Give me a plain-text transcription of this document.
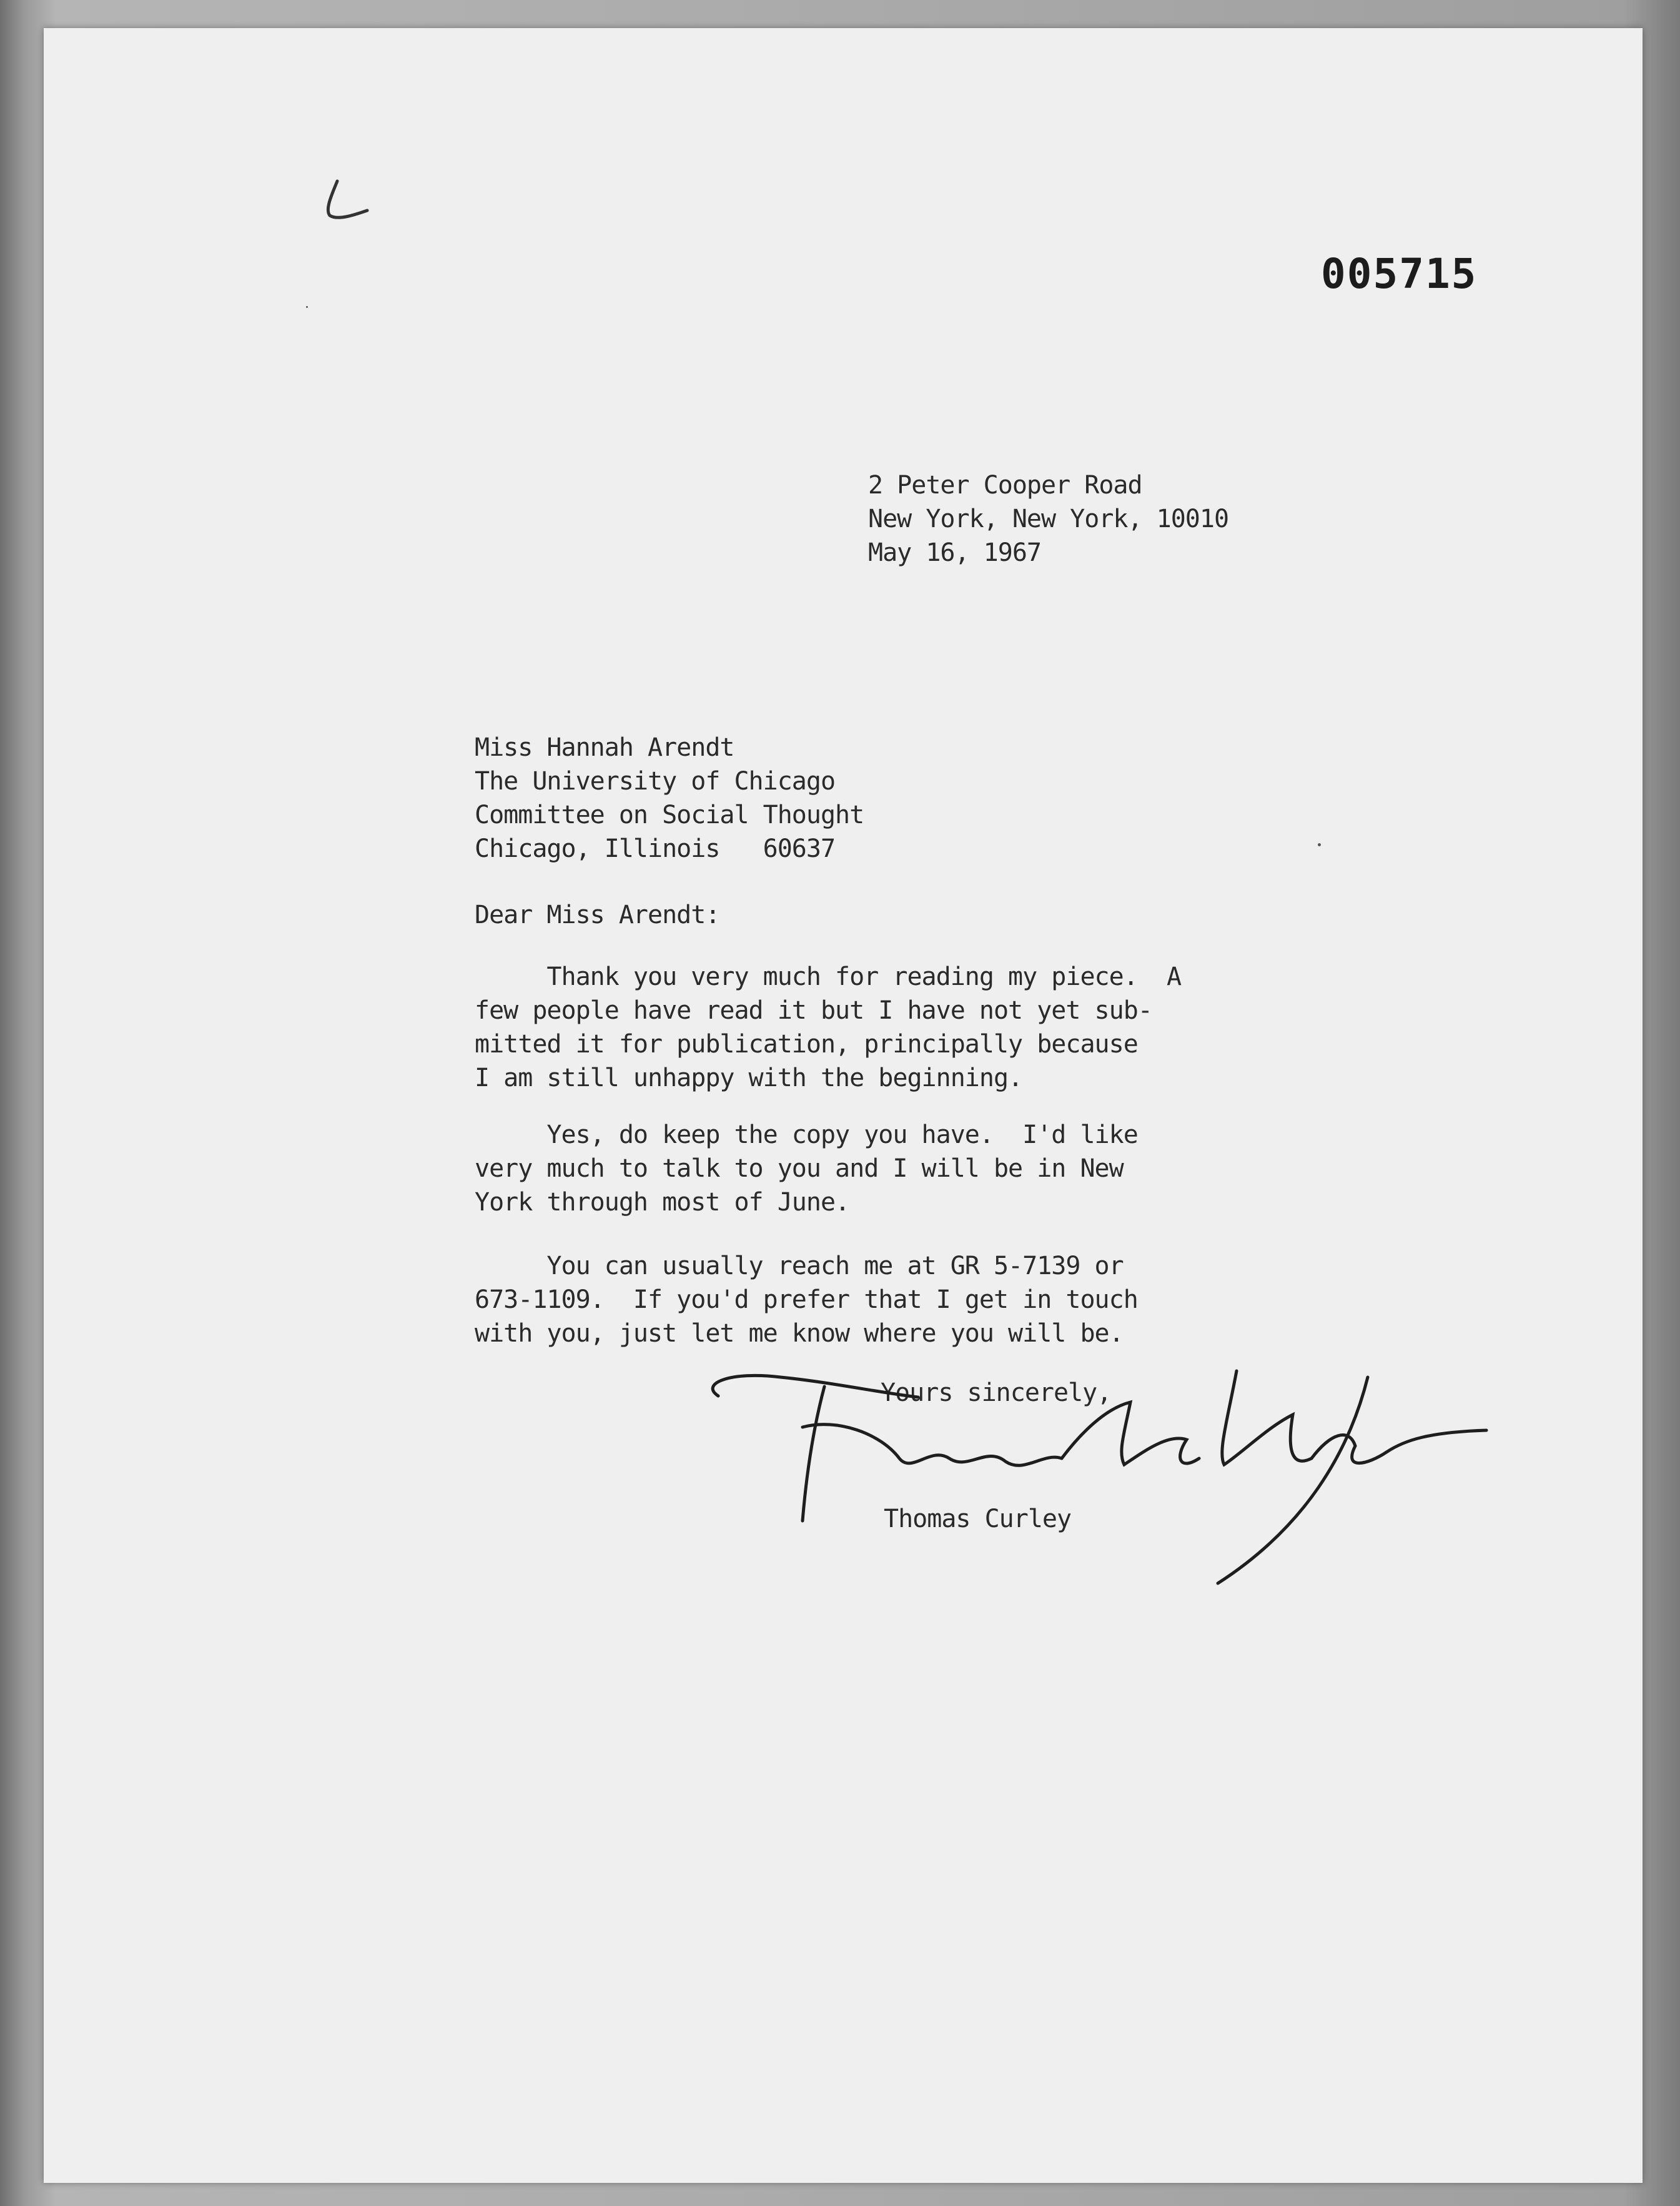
005715
2 Peter Cooper Road
New York, New York, 10010
May 16, 1967
Miss Hannah Arendt
The University of Chicago
Committee on Social Thought
Chicago, Illinois   60637
Dear Miss Arendt:
Thank you very much for reading my piece.  A
few people have read it but I have not yet sub-
mitted it for publication, principally because
I am still unhappy with the beginning.
Yes, do keep the copy you have.  I'd like
very much to talk to you and I will be in New
York through most of June.
You can usually reach me at GR 5-7139 or
673-1109.  If you'd prefer that I get in touch
with you, just let me know where you will be.
Yours sincerely,
Thomas Curley
